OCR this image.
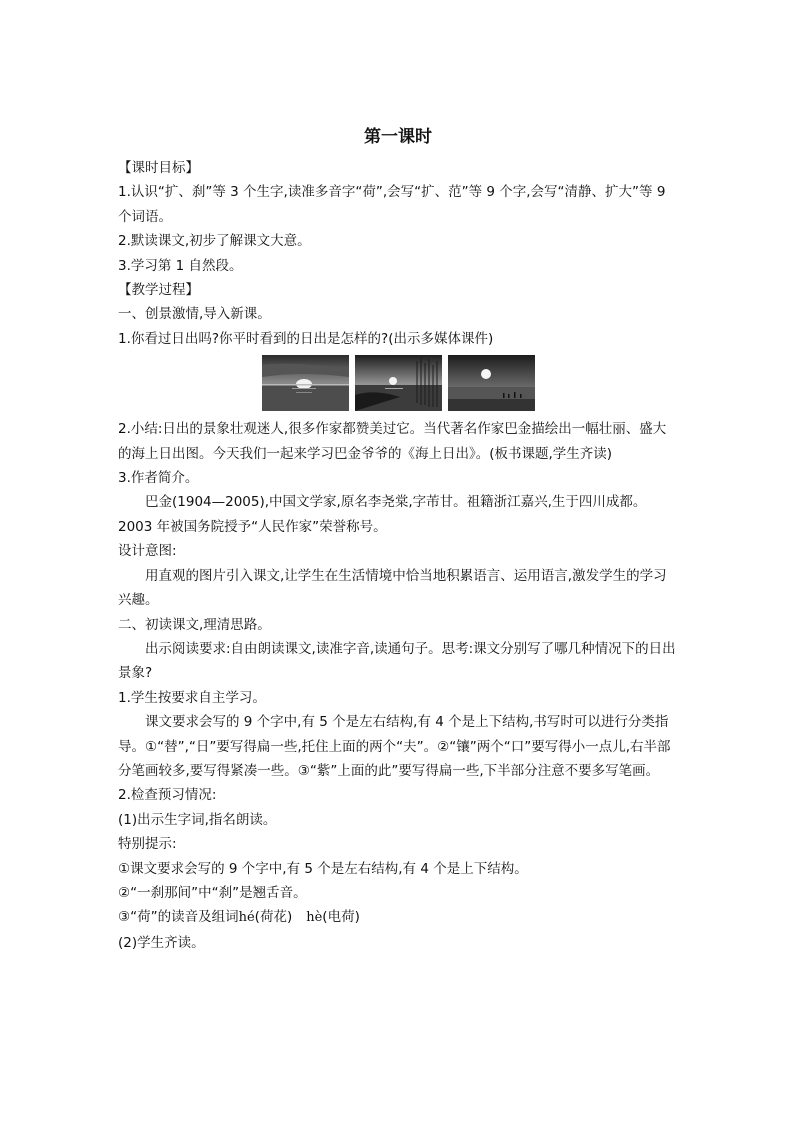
第一课时

【课时目标】

1.认识“扩、刹”等 3 个生字,读准多音字“荷”,会写“扩、范”等 9 个字,会写“清静、扩大”等 9 个词语。

2.默读课文,初步了解课文大意。

3.学习第 1 自然段。

【教学过程】

一、创景激情,导入新课。

1.你看过日出吗?你平时看到的日出是怎样的?(出示多媒体课件)

2.小结:日出的景象壮观迷人,很多作家都赞美过它。当代著名作家巴金描绘出一幅壮丽、盛大的海上日出图。今天我们一起来学习巴金爷爷的《海上日出》。(板书课题,学生齐读)

3.作者简介。

巴金(1904—2005),中国文学家,原名李尧棠,字芾甘。祖籍浙江嘉兴,生于四川成都。2003 年被国务院授予“人民作家”荣誉称号。

设计意图:

用直观的图片引入课文,让学生在生活情境中恰当地积累语言、运用语言,激发学生的学习兴趣。

二、初读课文,理清思路。

出示阅读要求:自由朗读课文,读准字音,读通句子。思考:课文分别写了哪几种情况下的日出景象?

1.学生按要求自主学习。

课文要求会写的 9 个字中,有 5 个是左右结构,有 4 个是上下结构,书写时可以进行分类指导。①“替”,“日”要写得扁一些,托住上面的两个“夫”。②“镶”两个“口”要写得小一点儿,右半部分笔画较多,要写得紧凑一些。③“紫”上面的此”要写得扁一些,下半部分注意不要多写笔画。

2.检查预习情况:

(1)出示生字词,指名朗读。

特别提示:

①课文要求会写的 9 个字中,有 5 个是左右结构,有 4 个是上下结构。

②“一刹那间”中“刹”是翘舌音。

③“荷”的读音及组词hé(荷花) hè(电荷)

(2)学生齐读。
